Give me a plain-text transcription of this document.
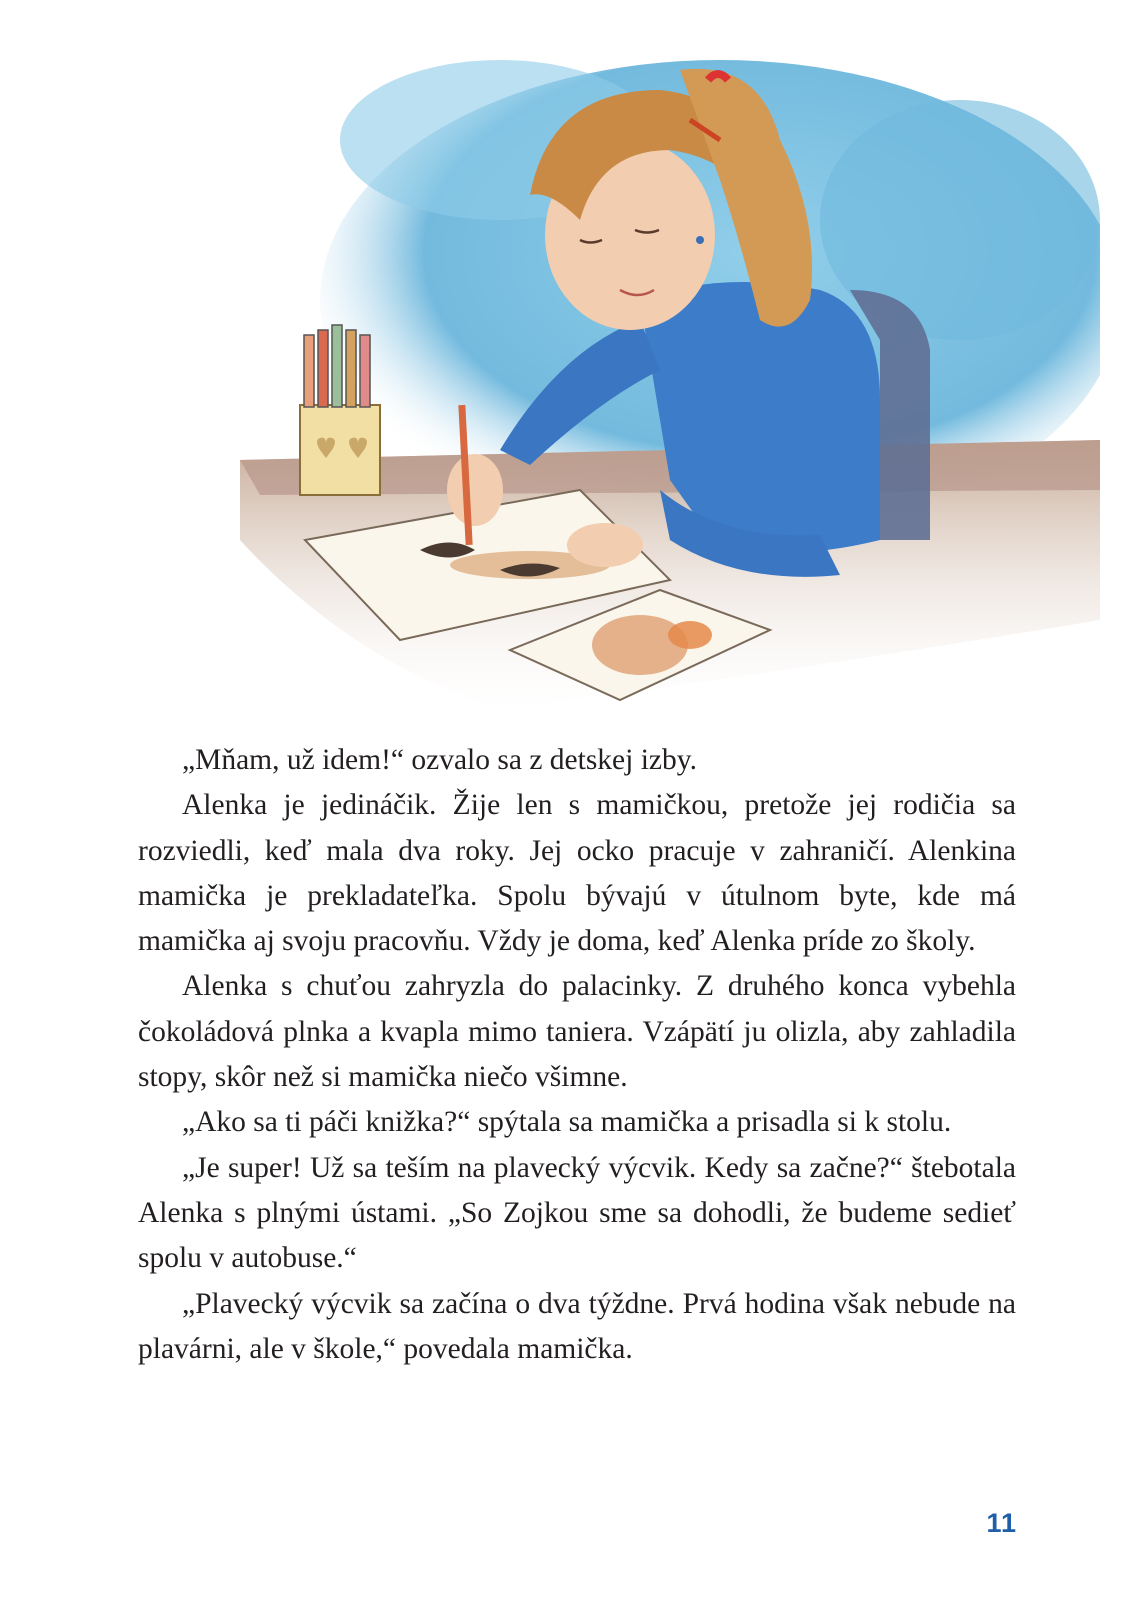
„Mňam, už idem!“ ozvalo sa z detskej izby.

Alenka je jedináčik. Žije len s mamičkou, pretože jej rodičia sa rozviedli, keď mala dva roky. Jej ocko pracuje v zahraničí. Alenkina mamička je prekladateľka. Spolu bývajú v útulnom byte, kde má mamička aj svoju pracovňu. Vždy je doma, keď Alenka príde zo školy.

Alenka s chuťou zahryzla do palacinky. Z druhého konca vybehla čokoládová plnka a kvapla mimo taniera. Vzápätí ju olizla, aby zahladila stopy, skôr než si mamička niečo všimne.

„Ako sa ti páči knižka?“ spýtala sa mamička a prisadla si k stolu.

„Je super! Už sa teším na plavecký výcvik. Kedy sa začne?“ štebotala Alenka s plnými ústami. „So Zojkou sme sa dohodli, že budeme sedieť spolu v autobuse.“

„Plavecký výcvik sa začína o dva týždne. Prvá hodina však nebude na plavárni, ale v škole,“ povedala mamička.

11
